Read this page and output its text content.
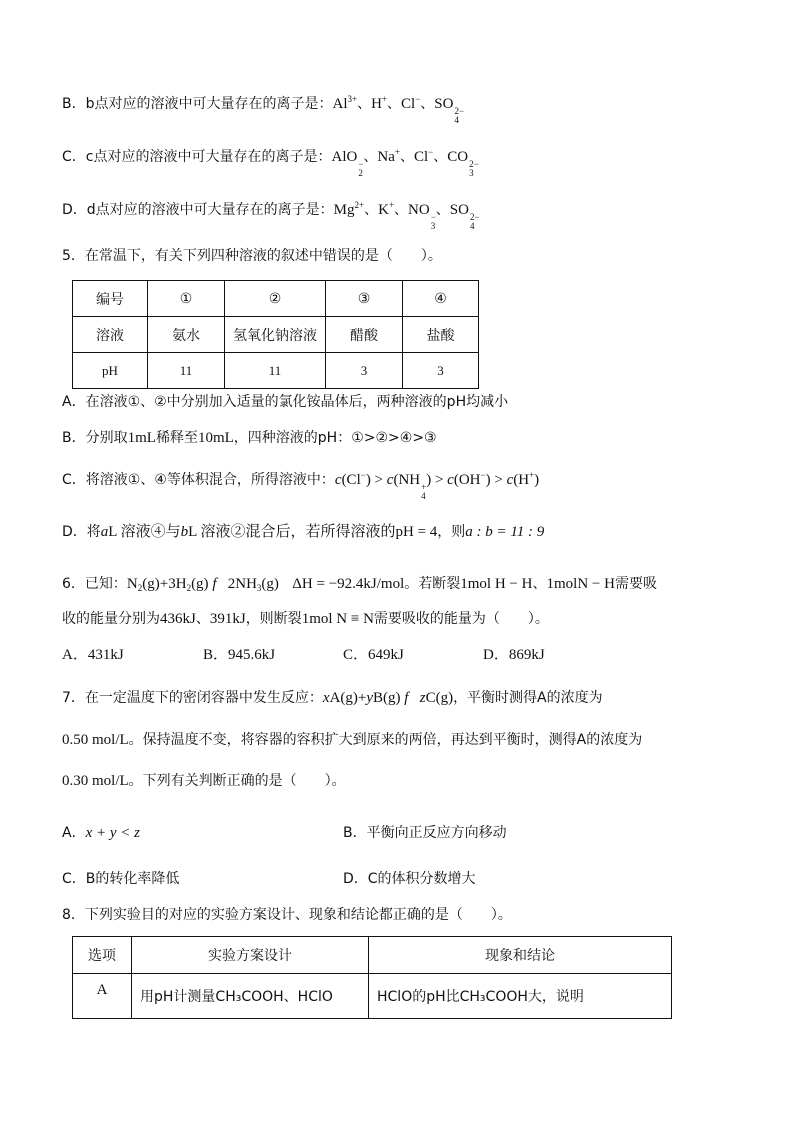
B．b点对应的溶液中可大量存在的离子是：$Al^{3+}$、H+、Cl−、SO 2−
4
C．c点对应的溶液中可大量存在的离子是：AlO −
2
、Na+、Cl−、CO 2−
3
D．d点对应的溶液中可大量存在的离子是：$Mg^{2+}$、K+、NO −
3
、SO 2−
4
5．在常温下，有关下列四种溶液的叙述中错误的是（　　）。
编号	①	②	③	④
溶液	氨水	氢氧化钠溶液	醋酸	盐酸
pH	11	11	3	3
A．在溶液①、②中分别加入适量的氯化铵晶体后，两种溶液的pH均减小
B．分别取1mL稀释至10mL，四种溶液的pH：①>②>④>③
C．将溶液①、④等体积混合，所得溶液中：c(Cl−) > c(NH +
4
) > c(OH−) > c(H+)
D．将aL 溶液④与bL 溶液②混合后，若所得溶液的pH = 4，则a : b = 11 : 9
6．已知：$N_2(g)+3H_2(g)$ f   $2NH_3(g) \Delta H = -92.4kJ/mol$。若断裂1mol H − H、1molN − H需要吸
收的能量分别为436kJ、391kJ，则断裂1mol N ≡ N需要吸收的能量为（　　）。
A．431kJ	B．945.6kJ	C．649kJ	D．869kJ
7．在一定温度下的密闭容器中发生反应：xA(g)+yB(g) f zC(g)，平衡时测得A的浓度为
0.50 mol/L。保持温度不变，将容器的容积扩大到原来的两倍，再达到平衡时，测得A的浓度为
0.30 mol/L。下列有关判断正确的是（　　）。
A．x + y < z	B．平衡向正反应方向移动
C．B的转化率降低	D．C的体积分数增大
8．下列实验目的对应的实验方案设计、现象和结论都正确的是（　　）。
选项	实验方案设计	现象和结论
A	用pH计测量CH₃COOH、HClO	HClO的pH比CH₃COOH大，说明
